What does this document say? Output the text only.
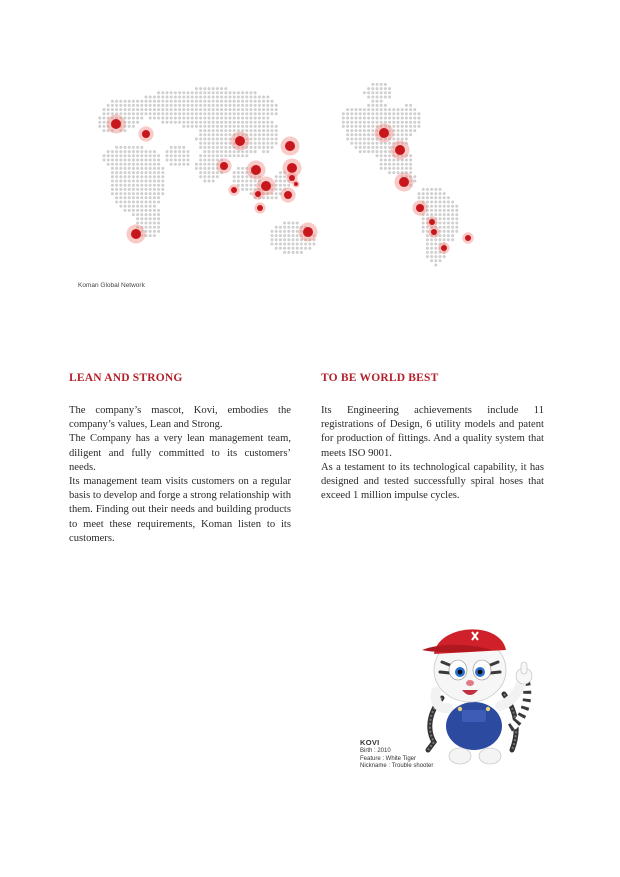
Koman Global Network
LEAN AND STRONG

The company’s mascot, Kovi, embodies the company’s values, Lean and Strong.

The Company has a very lean management team, diligent and fully committed to its customers’ needs.

Its management team visits customers on a regular basis to develop and forge a strong relationship with them. Finding out their needs and building products to meet these requirements, Koman listen to its customers.

TO BE WORLD BEST

Its Engineering achievements include 11 registrations of Design, 6 utility models and patent for production of fittings. And a quality system that meets ISO 9001.

As a testament to its technological capability, it has designed and tested successfully spiral hoses that exceed 1 million impulse cycles.

KOVI

Birth : 2010

Feature : White Tiger

Nickname : Trouble shooter
